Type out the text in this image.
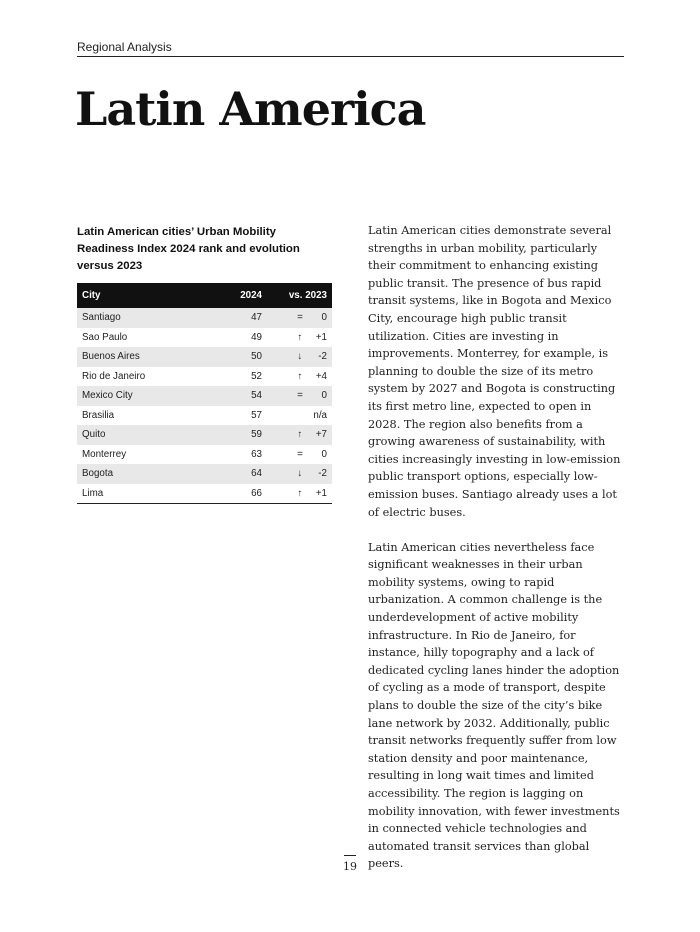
Regional Analysis
Latin America
Latin American cities’ Urban Mobility Readiness Index 2024 rank and evolution versus 2023
City	2024	vs. 2023
Santiago	47	= 0
Sao Paulo	49	↑ +1
Buenos Aires	50	↓ -2
Rio de Janeiro	52	↑ +4
Mexico City	54	= 0
Brasilia	57	n/a
Quito	59	↑ +7
Monterrey	63	= 0
Bogota	64	↓ -2
Lima	66	↑ +1

Latin American cities demonstrate several strengths in urban mobility, particularly their commitment to enhancing existing public transit. The presence of bus rapid transit systems, like in Bogota and Mexico City, encourage high public transit utilization. Cities are investing in improvements. Monterrey, for example, is planning to double the size of its metro system by 2027 and Bogota is constructing its first metro line, expected to open in 2028. The region also benefits from a growing awareness of sustainability, with cities increasingly investing in low-emission public transport options, especially low-emission buses. Santiago already uses a lot of electric buses.

Latin American cities nevertheless face significant weaknesses in their urban mobility systems, owing to rapid urbanization. A common challenge is the underdevelopment of active mobility infrastructure. In Rio de Janeiro, for instance, hilly topography and a lack of dedicated cycling lanes hinder the adoption of cycling as a mode of transport, despite plans to double the size of the city’s bike lane network by 2032. Additionally, public transit networks frequently suffer from low station density and poor maintenance, resulting in long wait times and limited accessibility. The region is lagging on mobility innovation, with fewer investments in connected vehicle technologies and automated transit services than global peers.

19
